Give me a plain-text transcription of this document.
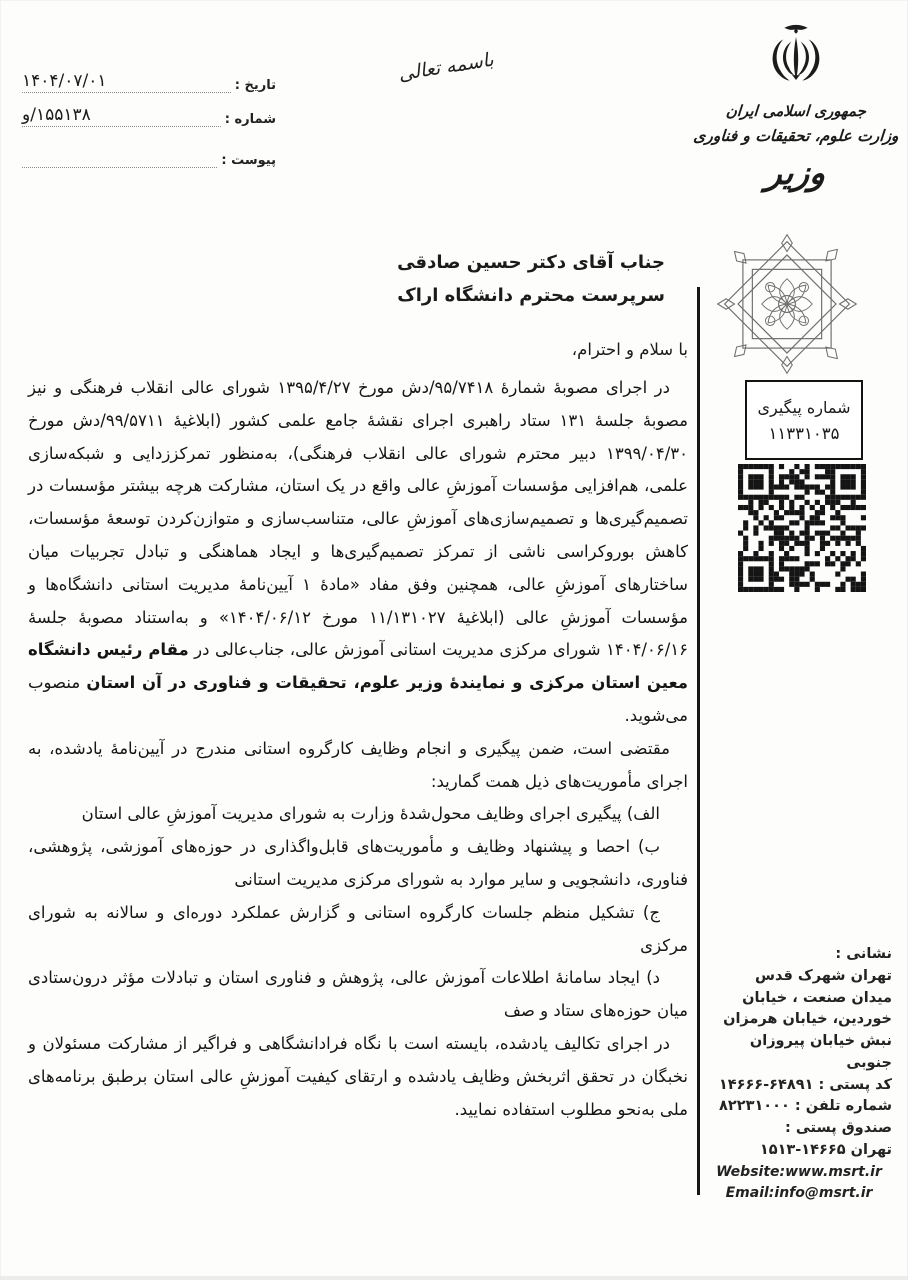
تاریخ :
۱۴۰۴/۰۷/۰۱
شماره :
۱۵۵۱۳۸/و
پیوست :
باسمه تعالی
جمهوری اسلامی ایران
وزارت علوم، تحقیقات و فناوری
وزیر
شماره پیگیری
۱۱۳۳۱۰۳۵
جناب آقای دکتر حسین صادقی
سرپرست محترم دانشگاه اراک
با سلام و احترام،

در اجرای مصوبهٔ شمارهٔ ۹۵/۷۴۱۸/دش مورخ ۱۳۹۵/۴/۲۷ شورای عالی انقلاب فرهنگی و نیز مصوبهٔ جلسهٔ ۱۳۱ ستاد راهبری اجرای نقشهٔ جامع علمی کشور (ابلاغیهٔ ۹۹/۵۷۱۱/دش مورخ ۱۳۹۹/۰۴/۳۰ دبیر محترم شورای عالی انقلاب فرهنگی)، به‌منظور تمرکززدایی و شبکه‌سازی علمی، هم‌افزایی مؤسسات آموزشِ عالی واقع در یک استان، مشارکت هرچه بیشتر مؤسسات در تصمیم‌گیری‌ها و تصمیم‌سازی‌های آموزشِ عالی، متناسب‌سازی و متوازن‌کردن توسعهٔ مؤسسات، کاهش بوروکراسی ناشی از تمرکز تصمیم‌گیری‌ها و ایجاد هماهنگی و تبادل تجربیات میان ساختارهای آموزشِ عالی، همچنین وفق مفاد «مادهٔ ۱ آیین‌نامهٔ مدیریت استانی دانشگاه‌ها و مؤسسات آموزشِ عالی (ابلاغیهٔ ۱۱/۱۳۱۰۲۷ مورخ ۱۴۰۴/۰۶/۱۲» و به‌استناد مصوبهٔ جلسهٔ ۱۴۰۴/۰۶/۱۶ شورای مرکزی مدیریت استانی آموزش عالی، جناب‌عالی در مقام رئیس دانشگاه معین استان مرکزی و نمایندهٔ وزیر علوم، تحقیقات و فناوری در آن استان منصوب می‌شوید.

مقتضی است، ضمن پیگیری و انجام وظایف کارگروه استانی مندرج در آیین‌نامهٔ یادشده، به اجرای مأموریت‌های ذیل همت گمارید:

الف) پیگیری اجرای وظایف محول‌شدهٔ وزارت به شورای مدیریت آموزشِ عالی استان
ب) احصا و پیشنهاد وظایف و مأموریت‌های قابل‌واگذاری در حوزه‌های آموزشی، پژوهشی، فناوری، دانشجویی و سایر موارد به شورای مرکزی مدیریت استانی
ج) تشکیل منظم جلسات کارگروه استانی و گزارش عملکرد دوره‌ای و سالانه به شورای مرکزی
د) ایجاد سامانهٔ اطلاعات آموزش عالی، پژوهش و فناوری استان و تبادلات مؤثر درون‌ستادی میان حوزه‌های ستاد و صف

در اجرای تکالیف یادشده، بایسته است با نگاه فرادانشگاهی و فراگیر از مشارکت مسئولان و نخبگان در تحقق اثربخش وظایف یادشده و ارتقای کیفیت آموزشِ عالی استان برطبق برنامه‌های ملی به‌نحو مطلوب استفاده نمایید.

نشانی :
تهران شهرک قدس
میدان صنعت ، خیابان
خوردین، خیابان هرمزان
نبش خیابان پیروزان جنوبی
کد پستی : ۱۴۶۶۶-۶۴۸۹۱
شماره تلفن : ۸۲۲۳۱۰۰۰
صندوق پستی :
تهران ۱۵۱۳-۱۴۶۶۵
Website:www.msrt.ir
Email:info@msrt.ir
